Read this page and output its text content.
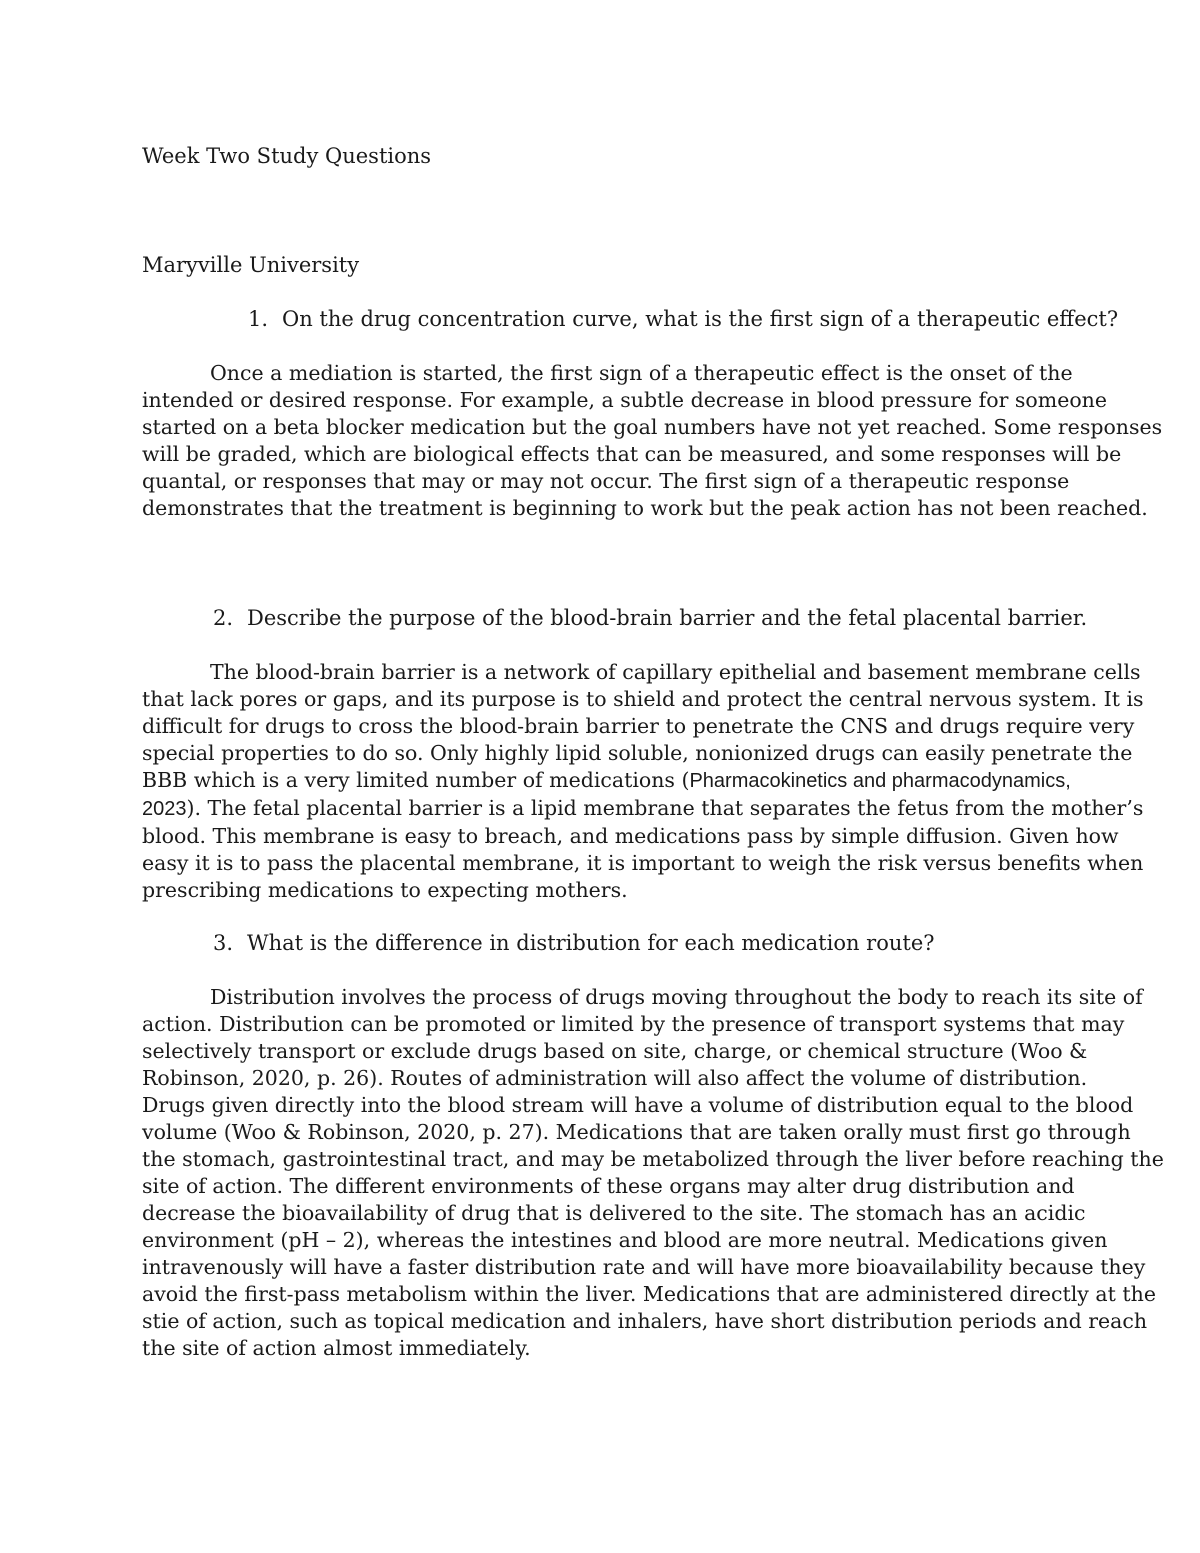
Week Two Study Questions
Maryville University
1. On the drug concentration curve, what is the first sign of a therapeutic effect?

Once a mediation is started, the first sign of a therapeutic effect is the onset of the

intended or desired response. For example, a subtle decrease in blood pressure for someone
started on a beta blocker medication but the goal numbers have not yet reached. Some responses
will be graded, which are biological effects that can be measured, and some responses will be
quantal, or responses that may or may not occur. The first sign of a therapeutic response
demonstrates that the treatment is beginning to work but the peak action has not been reached.
2. Describe the purpose of the blood-brain barrier and the fetal placental barrier.

The blood-brain barrier is a network of capillary epithelial and basement membrane cells

that lack pores or gaps, and its purpose is to shield and protect the central nervous system. It is
difficult for drugs to cross the blood-brain barrier to penetrate the CNS and drugs require very
special properties to do so. Only highly lipid soluble, nonionized drugs can easily penetrate the
BBB which is a very limited number of medications (Pharmacokinetics and pharmacodynamics,
2023). The fetal placental barrier is a lipid membrane that separates the fetus from the mother’s
blood. This membrane is easy to breach, and medications pass by simple diffusion. Given how
easy it is to pass the placental membrane, it is important to weigh the risk versus benefits when
prescribing medications to expecting mothers.
3. What is the difference in distribution for each medication route?

Distribution involves the process of drugs moving throughout the body to reach its site of

action. Distribution can be promoted or limited by the presence of transport systems that may
selectively transport or exclude drugs based on site, charge, or chemical structure (Woo &
Robinson, 2020, p. 26). Routes of administration will also affect the volume of distribution.
Drugs given directly into the blood stream will have a volume of distribution equal to the blood
volume (Woo & Robinson, 2020, p. 27). Medications that are taken orally must first go through
the stomach, gastrointestinal tract, and may be metabolized through the liver before reaching the
site of action. The different environments of these organs may alter drug distribution and
decrease the bioavailability of drug that is delivered to the site. The stomach has an acidic
environment (pH – 2), whereas the intestines and blood are more neutral. Medications given
intravenously will have a faster distribution rate and will have more bioavailability because they
avoid the first-pass metabolism within the liver. Medications that are administered directly at the
stie of action, such as topical medication and inhalers, have short distribution periods and reach
the site of action almost immediately.
